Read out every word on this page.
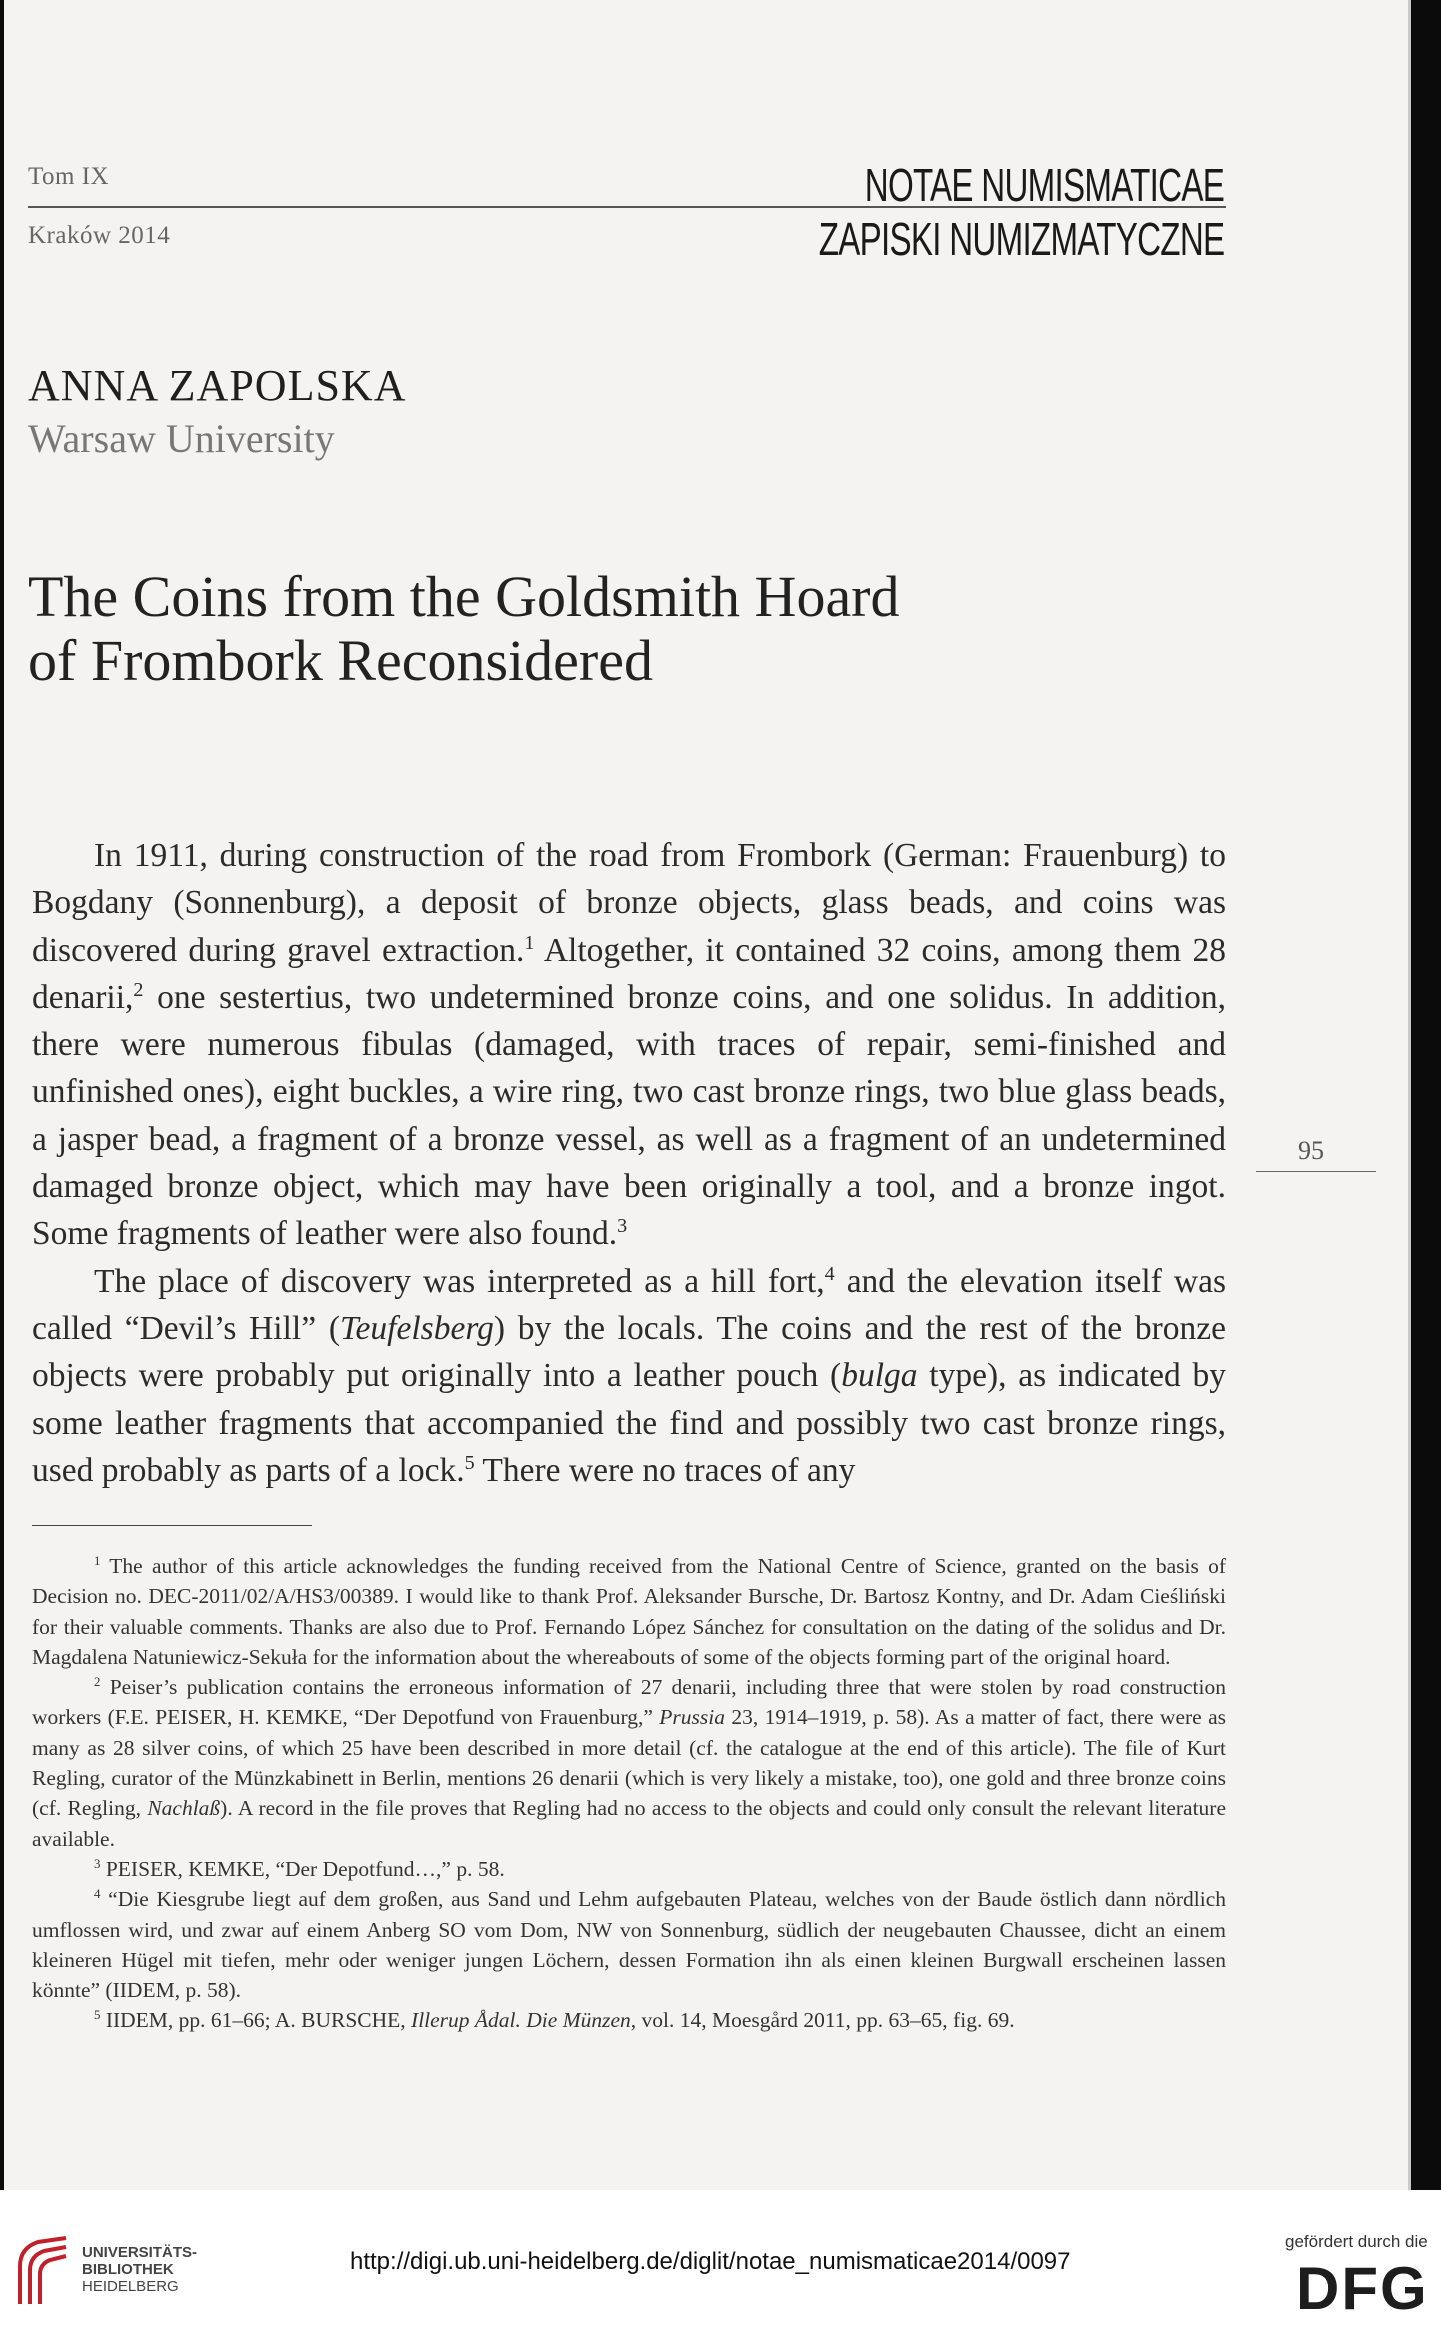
Tom IX
Kraków 2014
NOTAE NUMISMATICAE
ZAPISKI NUMIZMATYCZNE
ANNA ZAPOLSKA
Warsaw University
The Coins from the Goldsmith Hoard
of Frombork Reconsidered

In 1911, during construction of the road from Frombork (German: Frauenburg) to Bogdany (Sonnenburg), a deposit of bronze objects, glass beads, and coins was discovered during gravel extraction.$^1$ Altogether, it contained 32 coins, among them 28 denarii,$^2$ one sestertius, two undetermined bronze coins, and one solidus. In addition, there were numerous fibulas (damaged, with traces of repair, semi-finished and unfinished ones), eight buckles, a wire ring, two cast bronze rings, two blue glass beads, a jasper bead, a fragment of a bronze vessel, as well as a fragment of an undetermined damaged bronze object, which may have been originally a tool, and a bronze ingot. Some fragments of leather were also found.$^3$

The place of discovery was interpreted as a hill fort,$^4$ and the elevation itself was called “Devil’s Hill” (Teufelsberg) by the locals. The coins and the rest of the bronze objects were probably put originally into a leather pouch (bulga type), as indicated by some leather fragments that accompanied the find and possibly two cast bronze rings, used probably as parts of a lock.$^5$ There were no traces of any

95

$^1$ The author of this article acknowledges the funding received from the National Centre of Science, granted on the basis of Decision no. DEC-2011/02/A/HS3/00389. I would like to thank Prof. Aleksander Bursche, Dr. Bartosz Kontny, and Dr. Adam Cieśliński for their valuable comments. Thanks are also due to Prof. Fernando López Sánchez for consultation on the dating of the solidus and Dr. Magdalena Natuniewicz-Sekuła for the information about the whereabouts of some of the objects forming part of the original hoard.

$^2$ Peiser’s publication contains the erroneous information of 27 denarii, including three that were stolen by road construction workers (F.E. PEISER, H. KEMKE, “Der Depotfund von Frauenburg,” Prussia 23, 1914–1919, p. 58). As a matter of fact, there were as many as 28 silver coins, of which 25 have been described in more detail (cf. the catalogue at the end of this article). The file of Kurt Regling, curator of the Münzkabinett in Berlin, mentions 26 denarii (which is very likely a mistake, too), one gold and three bronze coins (cf. Regling, Nachlaß). A record in the file proves that Regling had no access to the objects and could only consult the relevant literature available.

$^3$ PEISER, KEMKE, “Der Depotfund…,” p. 58.

$^4$ “Die Kiesgrube liegt auf dem großen, aus Sand und Lehm aufgebauten Plateau, welches von der Baude östlich dann nördlich umflossen wird, und zwar auf einem Anberg SO vom Dom, NW von Sonnenburg, südlich der neugebauten Chaussee, dicht an einem kleineren Hügel mit tiefen, mehr oder weniger jungen Löchern, dessen Formation ihn als einen kleinen Burgwall erscheinen lassen könnte” (IIDEM, p. 58).

$^5$ IIDEM, pp. 61–66; A. BURSCHE, Illerup Ådal. Die Münzen, vol. 14, Moesgård 2011, pp. 63–65, fig. 69.

UNIVERSITÄTS-
BIBLIOTHEK
HEIDELBERG
http://digi.ub.uni-heidelberg.de/diglit/notae_numismaticae2014/0097
gefördert durch die
DFG
